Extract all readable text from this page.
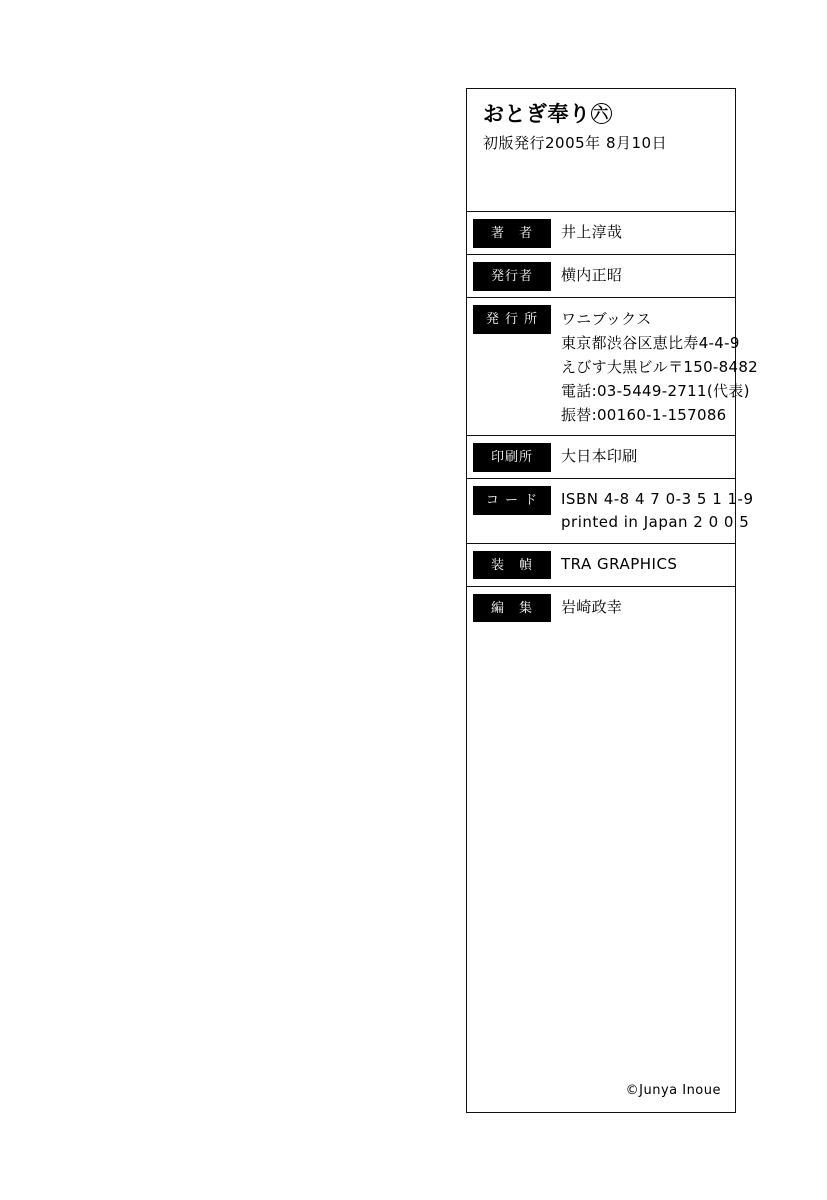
おとぎ奉り 六
初版発行2005年 8月10日
著　者	井上淳哉
発行者	横内正昭
発 行 所	ワニブックス
東京都渋谷区恵比寿4-4-9
えびす大黒ビル〒150-8482
電話:03-5449-2711(代表)
振替:00160-1-157086
印刷所	大日本印刷
コ ー ド	ISBN 4-8 4 7 0-3 5 1 1-9
printed in Japan 2 0 0 5
装　幀	TRA GRAPHICS
編　集	岩崎政幸
©Junya Inoue
